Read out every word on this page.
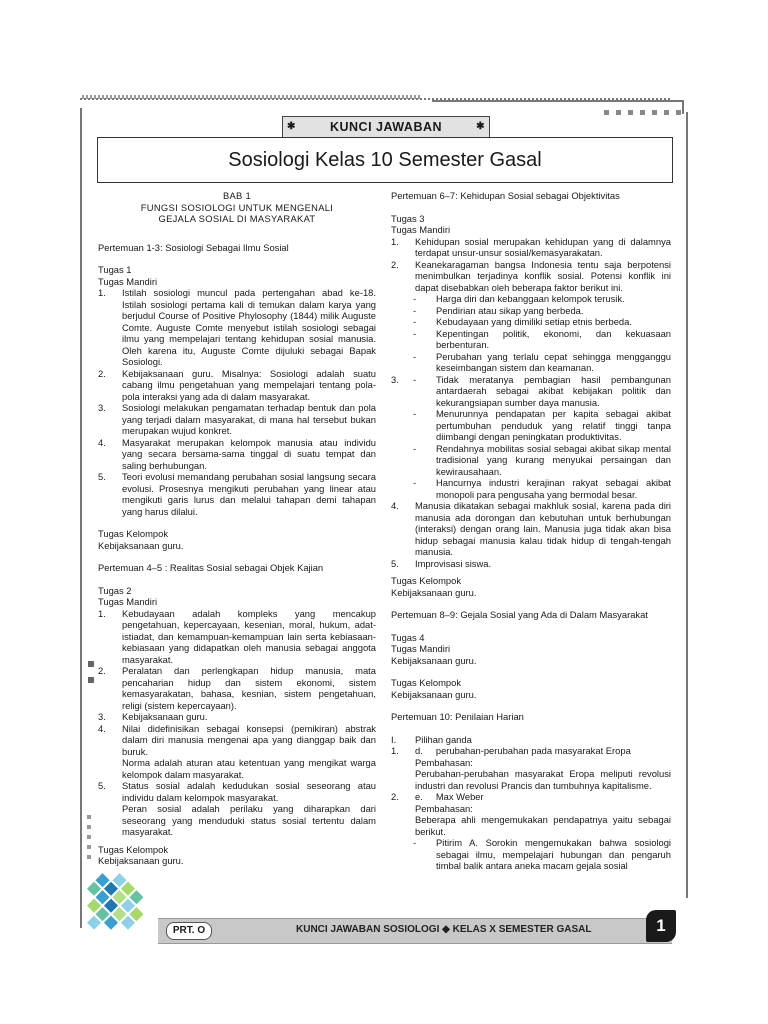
✱	KUNCI JAWABAN	✱
Sosiologi Kelas 10 Semester Gasal

BAB 1

FUNGSI SOSIOLOGI UNTUK MENGENALI

GEJALA SOSIAL DI MASYARAKAT

Pertemuan 1-3: Sosiologi Sebagai Ilmu Sosial

Tugas 1

Tugas Mandiri

1. Istilah sosiologi muncul pada pertengahan abad ke-18. Istilah sosiologi pertama kali di temukan dalam karya yang berjudul Course of Positive Phylosophy (1844) milik Auguste Comte. Auguste Comte menyebut istilah sosiologi sebagai ilmu yang mempelajari tentang kehidupan sosial manusia. Oleh karena itu, Auguste Comte dijuluki sebagai Bapak Sosiologi.
2. Kebijaksanaan guru. Misalnya: Sosiologi adalah suatu cabang ilmu pengetahuan yang mempelajari tentang pola-pola interaksi yang ada di dalam masyarakat.
3. Sosiologi melakukan pengamatan terhadap bentuk dan pola yang terjadi dalam masyarakat, di mana hal tersebut bukan merupakan wujud konkret.
4. Masyarakat merupakan kelompok manusia atau individu yang secara bersama-sama tinggal di suatu tempat dan saling berhubungan.
5. Teori evolusi memandang perubahan sosial langsung secara evolusi. Prosesnya mengikuti perubahan yang linear atau mengikuti garis lurus dan melalui tahapan demi tahapan yang harus dilalui.

Tugas Kelompok

Kebijaksanaan guru.

Pertemuan 4–5 : Realitas Sosial sebagai Objek Kajian

Tugas 2

Tugas Mandiri

1. Kebudayaan adalah kompleks yang mencakup pengetahuan, kepercayaan, kesenian, moral, hukum, adat-istiadat, dan kemampuan-kemampuan lain serta kebiasaan-kebiasaan yang didapatkan oleh manusia sebagai anggota masyarakat.
2. Peralatan dan perlengkapan hidup manusia, mata pencaharian hidup dan sistem ekonomi, sistem kemasyarakatan, bahasa, kesnian, sistem pengetahuan, religi (sistem kepercayaan).
3. Kebijaksanaan guru.
4. Nilai didefinisikan sebagai konsepsi (pemikiran) abstrak dalam diri manusia mengenai apa yang dianggap baik dan buruk.

Norma adalah aturan atau ketentuan yang mengikat warga kelompok dalam masyarakat.

5. Status sosial adalah kedudukan sosial seseorang atau individu dalam kelompok masyarakat.

Peran sosial adalah perilaku yang diharapkan dari seseorang yang menduduki status sosial tertentu dalam masyarakat.

Tugas Kelompok

Kebijaksanaan guru.

Pertemuan 6–7: Kehidupan Sosial sebagai Objektivitas

Tugas 3

Tugas Mandiri

1. Kehidupan sosial merupakan kehidupan yang di dalamnya terdapat unsur-unsur sosial/kemasyarakatan.
2. Keanekaragaman bangsa Indonesia tentu saja berpotensi menimbulkan terjadinya konflik sosial. Potensi konflik ini dapat disebabkan oleh beberapa faktor berikut ini.
- Harga diri dan kebanggaan kelompok terusik.
- Pendirian atau sikap yang berbeda.
- Kebudayaan yang dimiliki setiap etnis berbeda.
- Kepentingan politik, ekonomi, dan kekuasaan berbenturan.
- Perubahan yang terlalu cepat sehingga mengganggu keseimbangan sistem dan keamanan.
3. - Tidak meratanya pembagian hasil pembangunan antardaerah sebagai akibat kebijakan politik dan kekurangsiapan sumber daya manusia.
- Menurunnya pendapatan per kapita sebagai akibat pertumbuhan penduduk yang relatif tinggi tanpa diimbangi dengan peningkatan produktivitas.
- Rendahnya mobilitas sosial sebagai akibat sikap mental tradisional yang kurang menyukai persaingan dan kewirausahaan.
- Hancurnya industri kerajinan rakyat sebagai akibat monopoli para pengusaha yang bermodal besar.
4. Manusia dikatakan sebagai makhluk sosial, karena pada diri manusia ada dorongan dan kebutuhan untuk berhubungan (interaksi) dengan orang lain. Manusia juga tidak akan bisa hidup sebagai manusia kalau tidak hidup di tengah-tengah manusia.
5. Improvisasi siswa.

Tugas Kelompok

Kebijaksanaan guru.

Pertemuan 8–9: Gejala Sosial yang Ada di Dalam Masyarakat

Tugas 4

Tugas Mandiri

Kebijaksanaan guru.

Tugas Kelompok

Kebijaksanaan guru.

Pertemuan 10: Penilaian Harian

I. Pilihan ganda
1. d. perubahan-perubahan pada masyarakat Eropa

Pembahasan:

Perubahan-perubahan masyarakat Eropa meliputi revolusi industri dan revolusi Prancis dan tumbuhnya kapitalisme.

2. e. Max Weber

Pembahasan:

Beberapa ahli mengemukakan pendapatnya yaitu sebagai berikut.

- Pitirim A. Sorokin mengemukakan bahwa sosiologi sebagai ilmu, mempelajari hubungan dan pengaruh timbal balik antara aneka macam gejala sosial
PRT. O	KUNCI JAWABAN SOSIOLOGI ◆ KELAS X SEMESTER GASAL	1
